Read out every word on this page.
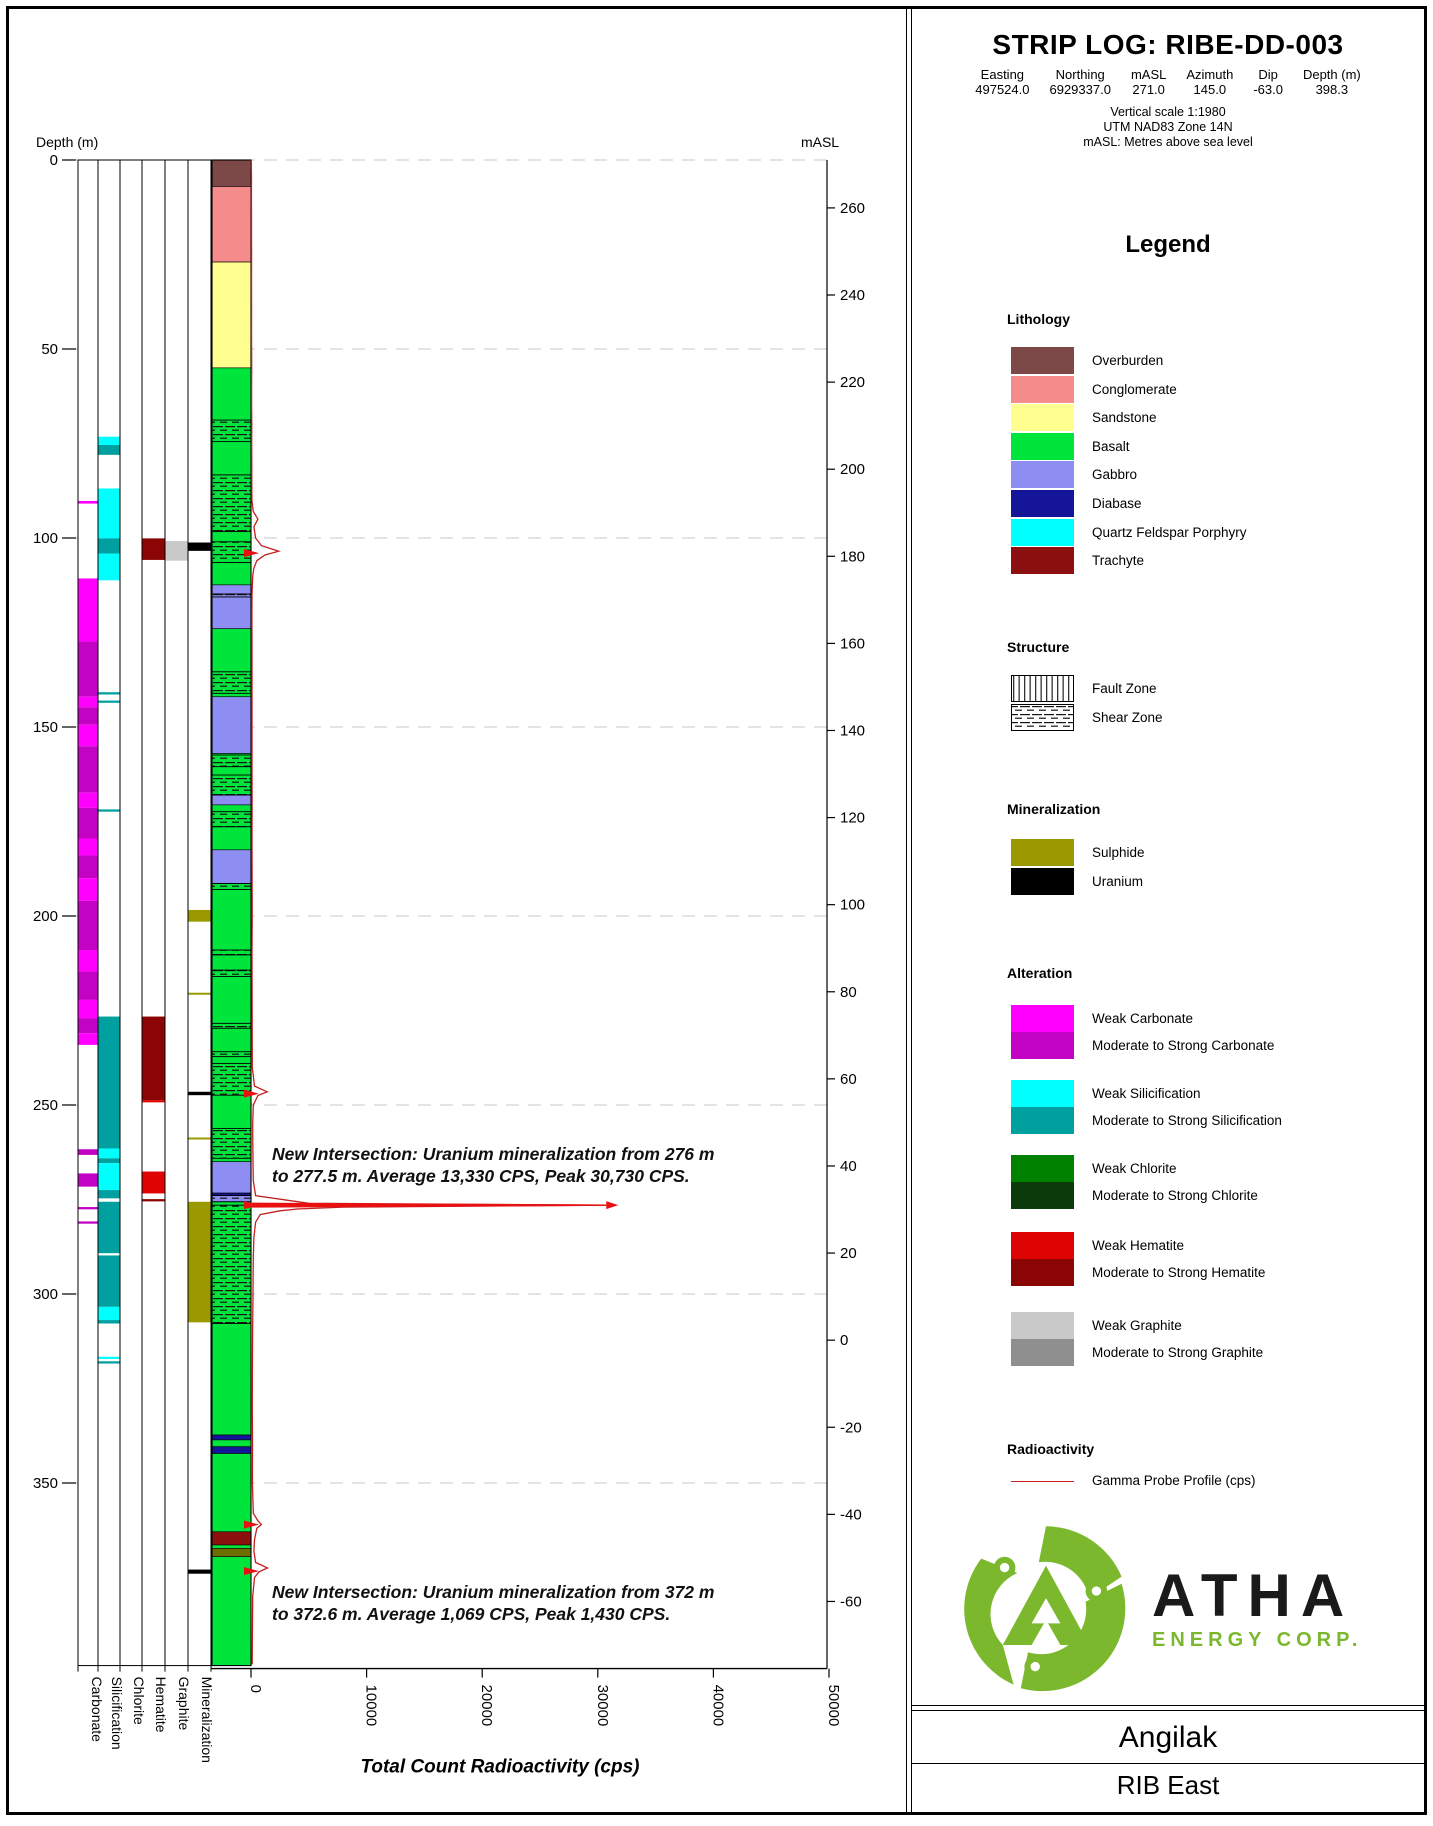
Depth (m)
0
50
100
150
200
250
300
350
mASL
260
240
220
200
180
160
140
120
100
80
60
40
20
0
-20
-40
-60
0	10000	20000	30000	40000	50000
Total Count Radioactivity (cps)
Carbonate Silicification Chlorite Hematite Graphite Mineralization
New Intersection: Uranium mineralization from 276 m to 277.5 m. Average 13,330 CPS, Peak 30,730 CPS.
New Intersection: Uranium mineralization from 372 m to 372.6 m. Average 1,069 CPS, Peak 1,430 CPS.
STRIP LOG: RIBE-DD-003
Easting
497524.0
Northing
6929337.0
mASL
271.0
Azimuth
145.0
Dip
-63.0
Depth (m)
398.3
Vertical scale 1:1980
UTM NAD83 Zone 14N
mASL: Metres above sea level
Legend
Lithology
Overburden
Conglomerate
Sandstone
Basalt
Gabbro
Diabase
Quartz Feldspar Porphyry
Trachyte
Structure
Fault Zone
Shear Zone
Mineralization
Sulphide
Uranium
Alteration
Weak Carbonate
Moderate to Strong Carbonate
Weak Silicification
Moderate to Strong Silicification
Weak Chlorite
Moderate to Strong Chlorite
Weak Hematite
Moderate to Strong Hematite
Weak Graphite
Moderate to Strong Graphite
Radioactivity
Gamma Probe Profile (cps)
ATHA
ENERGY CORP.
Angilak
RIB East
